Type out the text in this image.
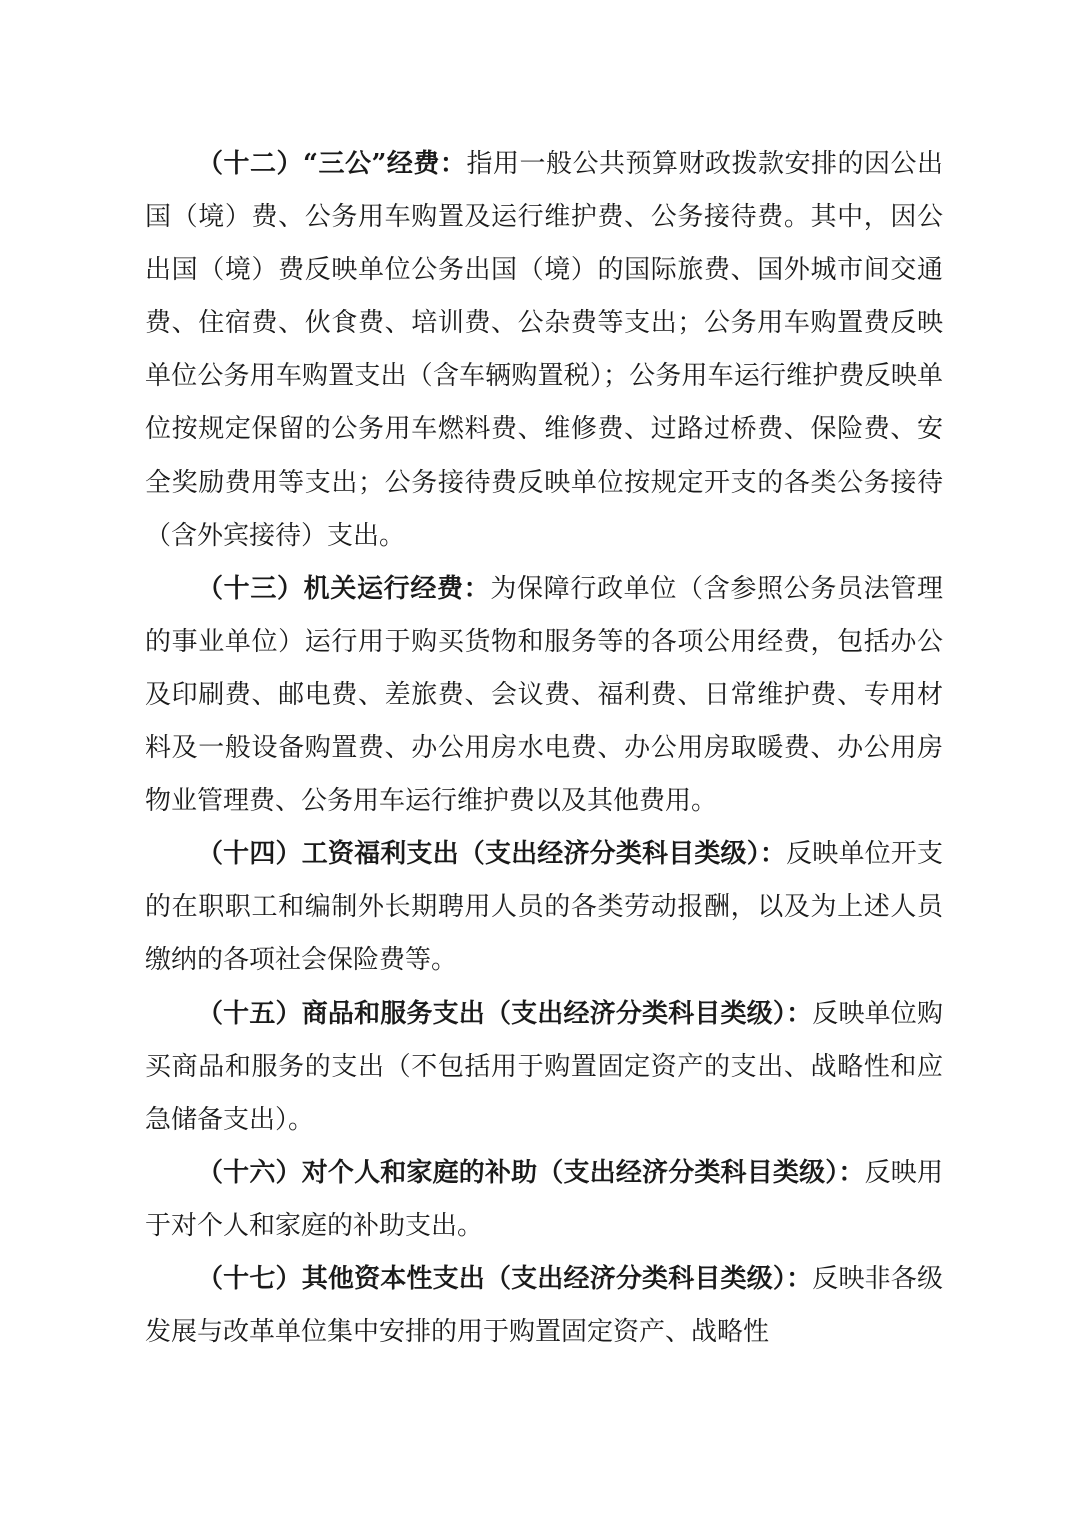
（十二）“三公”经费：指用一般公共预算财政拨款安排的因公出国（境）费、公务用车购置及运行维护费、公务接待费。其中，因公出国（境）费反映单位公务出国（境）的国际旅费、国外城市间交通费、住宿费、伙食费、培训费、公杂费等支出；公务用车购置费反映单位公务用车购置支出（含车辆购置税）；公务用车运行维护费反映单位按规定保留的公务用车燃料费、维修费、过路过桥费、保险费、安全奖励费用等支出；公务接待费反映单位按规定开支的各类公务接待（含外宾接待）支出。

（十三）机关运行经费：为保障行政单位（含参照公务员法管理的事业单位）运行用于购买货物和服务等的各项公用经费，包括办公及印刷费、邮电费、差旅费、会议费、福利费、日常维护费、专用材料及一般设备购置费、办公用房水电费、办公用房取暖费、办公用房物业管理费、公务用车运行维护费以及其他费用。

（十四）工资福利支出（支出经济分类科目类级）：反映单位开支的在职职工和编制外长期聘用人员的各类劳动报酬，以及为上述人员缴纳的各项社会保险费等。

（十五）商品和服务支出（支出经济分类科目类级）：反映单位购买商品和服务的支出（不包括用于购置固定资产的支出、战略性和应急储备支出）。

（十六）对个人和家庭的补助（支出经济分类科目类级）：反映用于对个人和家庭的补助支出。

（十七）其他资本性支出（支出经济分类科目类级）：反映非各级发展与改革单位集中安排的用于购置固定资产、战略性
